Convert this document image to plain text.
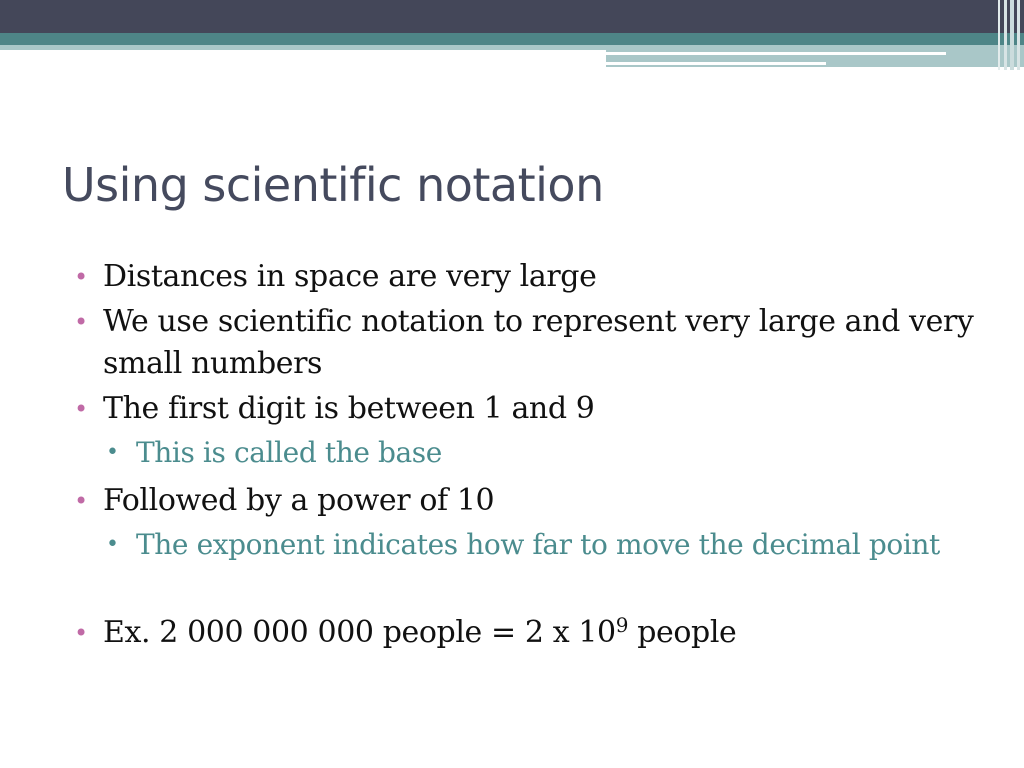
Using scientific notation
• Distances in space are very large
• We use scientific notation to represent very large and very small numbers
• The first digit is between 1 and 9
• This is called the base
• Followed by a power of 10
• The exponent indicates how far to move the decimal point
• Ex. 2 000 000 000 people = 2 x $10^9$ people
